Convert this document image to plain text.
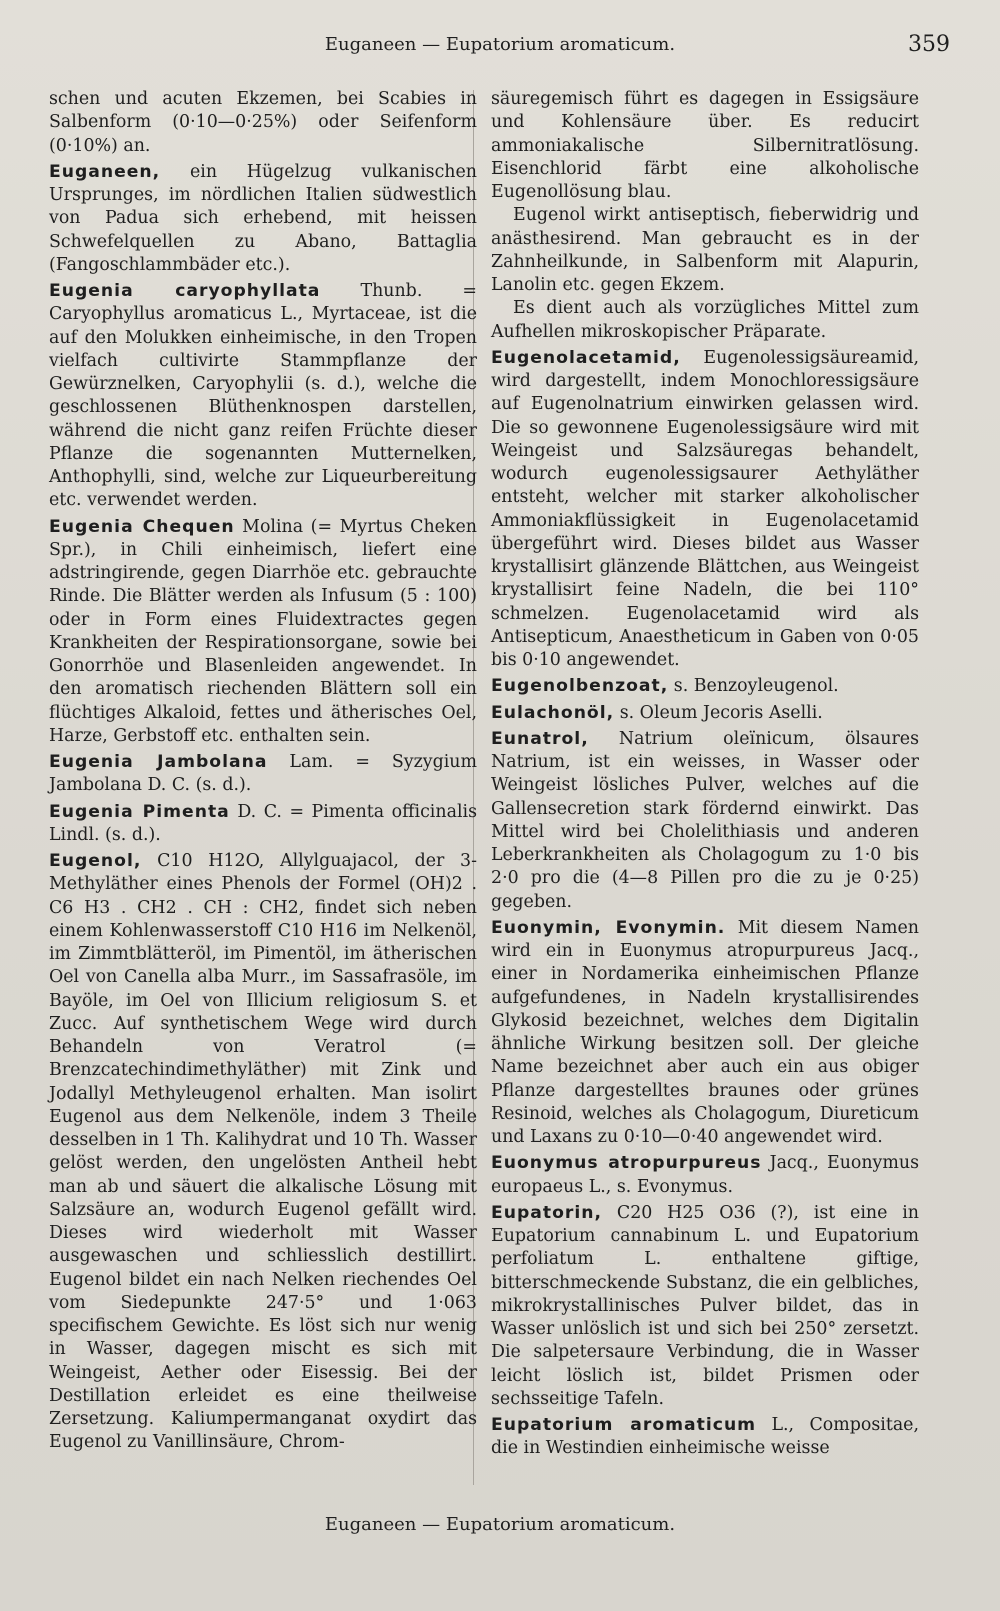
Euganeen — Eupatorium aromaticum.	359

schen und acuten Ekzemen, bei Scabies in Salbenform (0·10—0·25%) oder Seifenform (0·10%) an.

Euganeen, ein Hügelzug vulkanischen Ursprunges, im nördlichen Italien südwestlich von Padua sich erhebend, mit heissen Schwefelquellen zu Abano, Battaglia (Fangoschlammbäder etc.).

Eugenia caryophyllata Thunb. = Caryophyllus aromaticus L., Myrtaceae, ist die auf den Molukken einheimische, in den Tropen vielfach cultivirte Stammpflanze der Gewürznelken, Caryophylii (s. d.), welche die geschlossenen Blüthenknospen darstellen, während die nicht ganz reifen Früchte dieser Pflanze die sogenannten Mutternelken, Anthophylli, sind, welche zur Liqueurbereitung etc. verwendet werden.

Eugenia Chequen Molina (= Myrtus Cheken Spr.), in Chili einheimisch, liefert eine adstringirende, gegen Diarrhöe etc. gebrauchte Rinde. Die Blätter werden als Infusum (5 : 100) oder in Form eines Fluidextractes gegen Krankheiten der Respirationsorgane, sowie bei Gonorrhöe und Blasenleiden angewendet. In den aromatisch riechenden Blättern soll ein flüchtiges Alkaloid, fettes und ätherisches Oel, Harze, Gerbstoff etc. enthalten sein.

Eugenia Jambolana Lam. = Syzygium Jambolana D. C. (s. d.).

Eugenia Pimenta D. C. = Pimenta officinalis Lindl. (s. d.).

Eugenol, C10 H12O, Allylguajacol, der 3-Methyläther eines Phenols der Formel (OH)2 . C6 H3 . CH2 . CH : CH2, findet sich neben einem Kohlenwasserstoff C10 H16 im Nelkenöl, im Zimmtblätteröl, im Pimentöl, im ätherischen Oel von Canella alba Murr., im Sassafrasöle, im Bayöle, im Oel von Illicium religiosum S. et Zucc. Auf synthetischem Wege wird durch Behandeln von Veratrol (= Brenzcatechindimethyläther) mit Zink und Jodallyl Methyleugenol erhalten. Man isolirt Eugenol aus dem Nelkenöle, indem 3 Theile desselben in 1 Th. Kalihydrat und 10 Th. Wasser gelöst werden, den ungelösten Antheil hebt man ab und säuert die alkalische Lösung mit Salzsäure an, wodurch Eugenol gefällt wird. Dieses wird wiederholt mit Wasser ausgewaschen und schliesslich destillirt. Eugenol bildet ein nach Nelken riechendes Oel vom Siedepunkte 247·5° und 1·063 specifischem Gewichte. Es löst sich nur wenig in Wasser, dagegen mischt es sich mit Weingeist, Aether oder Eisessig. Bei der Destillation erleidet es eine theilweise Zersetzung. Kaliumpermanganat oxydirt das Eugenol zu Vanillinsäure, Chrom-

säuregemisch führt es dagegen in Essigsäure und Kohlensäure über. Es reducirt ammoniakalische Silbernitratlösung. Eisenchlorid färbt eine alkoholische Eugenollösung blau.

Eugenol wirkt antiseptisch, fieberwidrig und anästhesirend. Man gebraucht es in der Zahnheilkunde, in Salbenform mit Alapurin, Lanolin etc. gegen Ekzem.

Es dient auch als vorzügliches Mittel zum Aufhellen mikroskopischer Präparate.

Eugenolacetamid, Eugenolessigsäureamid, wird dargestellt, indem Monochloressigsäure auf Eugenolnatrium einwirken gelassen wird. Die so gewonnene Eugenolessigsäure wird mit Weingeist und Salzsäuregas behandelt, wodurch eugenolessigsaurer Aethyläther entsteht, welcher mit starker alkoholischer Ammoniakflüssigkeit in Eugenolacetamid übergeführt wird. Dieses bildet aus Wasser krystallisirt glänzende Blättchen, aus Weingeist krystallisirt feine Nadeln, die bei 110° schmelzen. Eugenolacetamid wird als Antisepticum, Anaestheticum in Gaben von 0·05 bis 0·10 angewendet.

Eugenolbenzoat, s. Benzoyleugenol.

Eulachonöl, s. Oleum Jecoris Aselli.

Eunatrol, Natrium oleïnicum, ölsaures Natrium, ist ein weisses, in Wasser oder Weingeist lösliches Pulver, welches auf die Gallensecretion stark fördernd einwirkt. Das Mittel wird bei Cholelithiasis und anderen Leberkrankheiten als Cholagogum zu 1·0 bis 2·0 pro die (4—8 Pillen pro die zu je 0·25) gegeben.

Euonymin, Evonymin. Mit diesem Namen wird ein in Euonymus atropurpureus Jacq., einer in Nordamerika einheimischen Pflanze aufgefundenes, in Nadeln krystallisirendes Glykosid bezeichnet, welches dem Digitalin ähnliche Wirkung besitzen soll. Der gleiche Name bezeichnet aber auch ein aus obiger Pflanze dargestelltes braunes oder grünes Resinoid, welches als Cholagogum, Diureticum und Laxans zu 0·10—0·40 angewendet wird.

Euonymus atropurpureus Jacq., Euonymus europaeus L., s. Evonymus.

Eupatorin, C20 H25 O36 (?), ist eine in Eupatorium cannabinum L. und Eupatorium perfoliatum L. enthaltene giftige, bitterschmeckende Substanz, die ein gelbliches, mikrokrystallinisches Pulver bildet, das in Wasser unlöslich ist und sich bei 250° zersetzt. Die salpetersaure Verbindung, die in Wasser leicht löslich ist, bildet Prismen oder sechsseitige Tafeln.

Eupatorium aromaticum L., Compositae, die in Westindien einheimische weisse

Euganeen — Eupatorium aromaticum.
